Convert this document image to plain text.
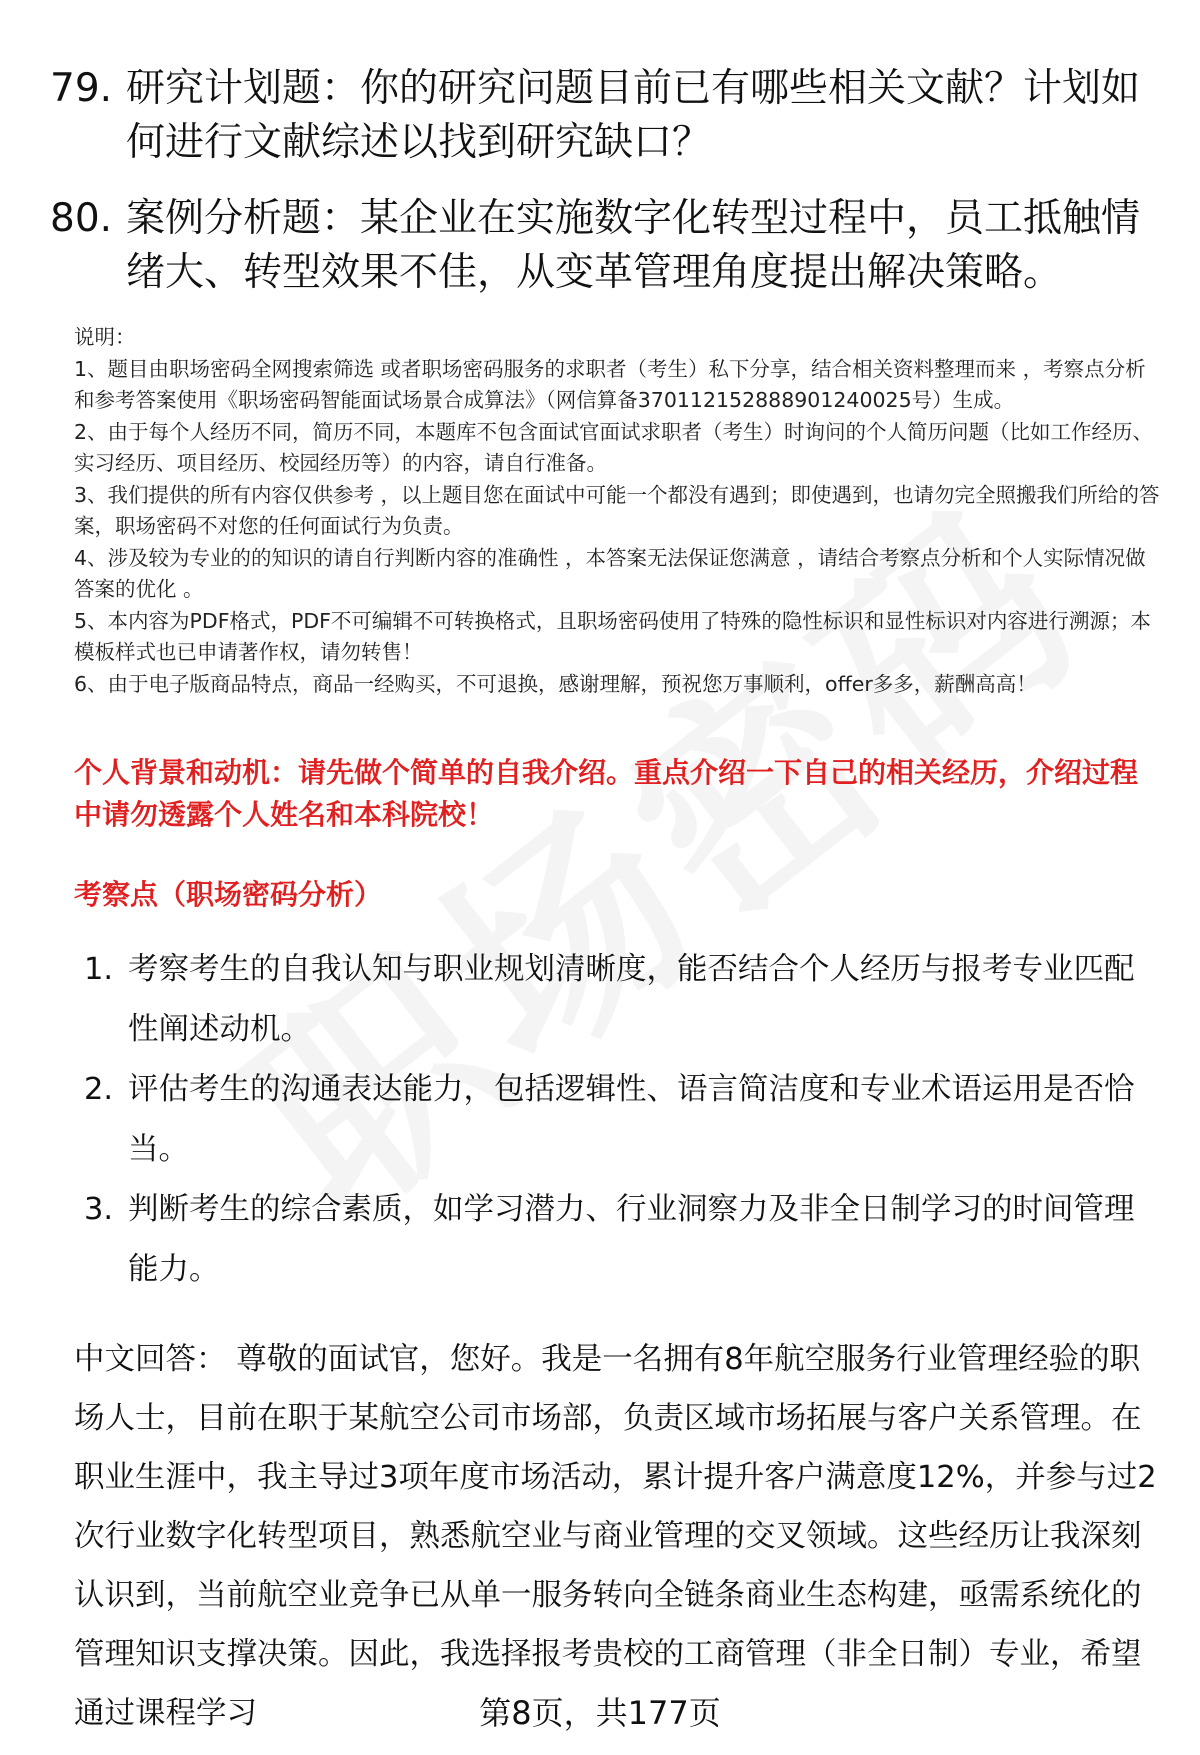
79. 研究计划题：你的研究问题目前已有哪些相关文献？计划如何进行文献综述以找到研究缺口？
80. 案例分析题：某企业在实施数字化转型过程中，员工抵触情绪大、转型效果不佳，从变革管理角度提出解决策略。

说明：

1、题目由职场密码全网搜索筛选 或者职场密码服务的求职者（考生）私下分享，结合相关资料整理而来 ，考察点分析和参考答案使用《职场密码智能面试场景合成算法》（网信算备370112152888901240025号）生成。

2、由于每个人经历不同，简历不同，本题库不包含面试官面试求职者（考生）时询问的个人简历问题（比如工作经历、实习经历、项目经历、校园经历等）的内容，请自行准备。

3、我们提供的所有内容仅供参考 ，以上题目您在面试中可能一个都没有遇到；即使遇到，也请勿完全照搬我们所给的答案，职场密码不对您的任何面试行为负责。

4、涉及较为专业的的知识的请自行判断内容的准确性 ，本答案无法保证您满意 ，请结合考察点分析和个人实际情况做答案的优化 。

5、本内容为PDF格式，PDF不可编辑不可转换格式，且职场密码使用了特殊的隐性标识和显性标识对内容进行溯源；本模板样式也已申请著作权，请勿转售！

6、由于电子版商品特点，商品一经购买，不可退换，感谢理解，预祝您万事顺利，offer多多，薪酬高高！

个人背景和动机：请先做个简单的自我介绍。重点介绍一下自己的相关经历，介绍过程中请勿透露个人姓名和本科院校！
考察点（职场密码分析）
1. 考察考生的自我认知与职业规划清晰度，能否结合个人经历与报考专业匹配性阐述动机。
2. 评估考生的沟通表达能力，包括逻辑性、语言简洁度和专业术语运用是否恰当。
3. 判断考生的综合素质，如学习潜力、行业洞察力及非全日制学习的时间管理能力。
中文回答： 尊敬的面试官，您好。我是一名拥有8年航空服务行业管理经验的职场人士，目前在职于某航空公司市场部，负责区域市场拓展与客户关系管理。在职业生涯中，我主导过3项年度市场活动，累计提升客户满意度12%，并参与过2次行业数字化转型项目，熟悉航空业与商业管理的交叉领域。这些经历让我深刻认识到，当前航空业竞争已从单一服务转向全链条商业生态构建，亟需系统化的管理知识支撑决策。因此，我选择报考贵校的工商管理（非全日制）专业，希望通过课程学习	第8页，共177页
